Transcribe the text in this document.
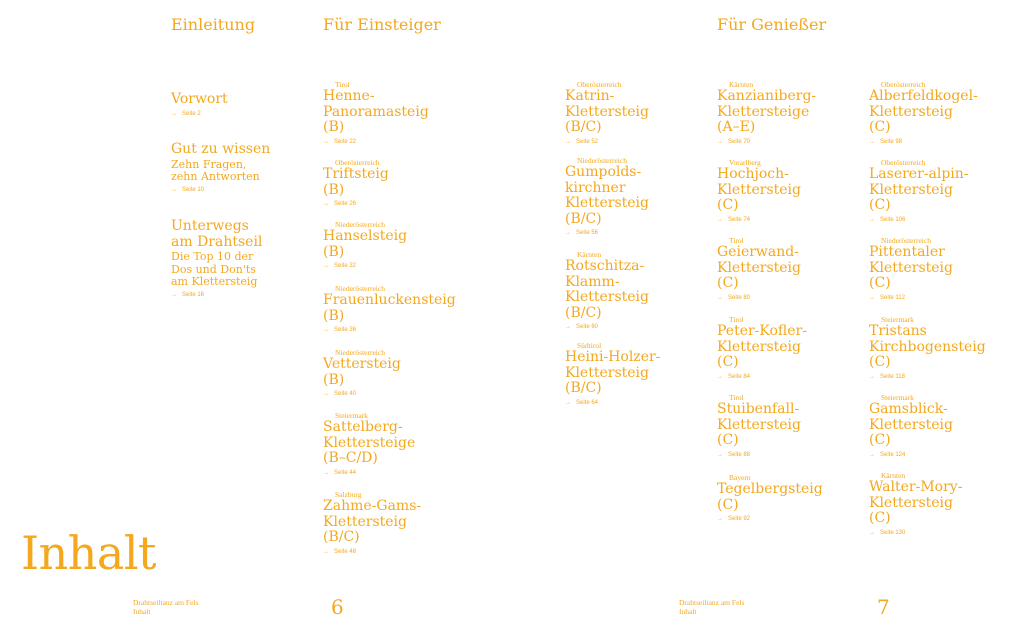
Einleitung	Für Einsteiger	Für Genießer
Inhalt
Vorwort
→ Seite 2
Gut zu wissen
Zehn Fragen,
zehn Antworten
→ Seite 10
Unterwegs
am Drahtseil
Die Top 10 der
Dos und Don'ts
am Klettersteig
→ Seite 16
Tirol
Henne-
Panoramasteig
(B)
→ Seite 22
Oberösterreich
Triftsteig
(B)
→ Seite 26
Niederösterreich
Hanselsteig
(B)
→ Seite 32
Niederösterreich
Frauenluckensteig
(B)
→ Seite 36
Niederösterreich
Vettersteig
(B)
→ Seite 40
Steiermark
Sattelberg-
Klettersteige
(B–C/D)
→ Seite 44
Salzburg
Zahme-Gams-
Klettersteig
(B/C)
→ Seite 48
Oberösterreich
Katrin-
Klettersteig
(B/C)
→ Seite 52
Niederösterreich
Gumpolds-
kirchner
Klettersteig
(B/C)
→ Seite 56
Kärnten
Rotschitza-
Klamm-
Klettersteig
(B/C)
→ Seite 60
Südtirol
Heini-Holzer-
Klettersteig
(B/C)
→ Seite 64
Kärnten
Kanzianiberg-
Klettersteige
(A–E)
→ Seite 70
Vorarlberg
Hochjoch-
Klettersteig
(C)
→ Seite 74
Tirol
Geierwand-
Klettersteig
(C)
→ Seite 80
Tirol
Peter-Kofler-
Klettersteig
(C)
→ Seite 84
Tirol
Stuibenfall-
Klettersteig
(C)
→ Seite 88
Bayern
Tegelbergsteig
(C)
→ Seite 92
Oberösterreich
Alberfeldkogel-
Klettersteig
(C)
→ Seite 98
Oberösterreich
Laserer-alpin-
Klettersteig
(C)
→ Seite 106
Niederösterreich
Pittentaler
Klettersteig
(C)
→ Seite 112
Steiermark
Tristans
Kirchbogensteig
(C)
→ Seite 118
Steiermark
Gamsblick-
Klettersteig
(C)
→ Seite 124
Kärnten
Walter-Mory-
Klettersteig
(C)
→ Seite 130
Drahtseiltanz am Fels
Inhalt	6	Drahtseiltanz am Fels
Inhalt	7
